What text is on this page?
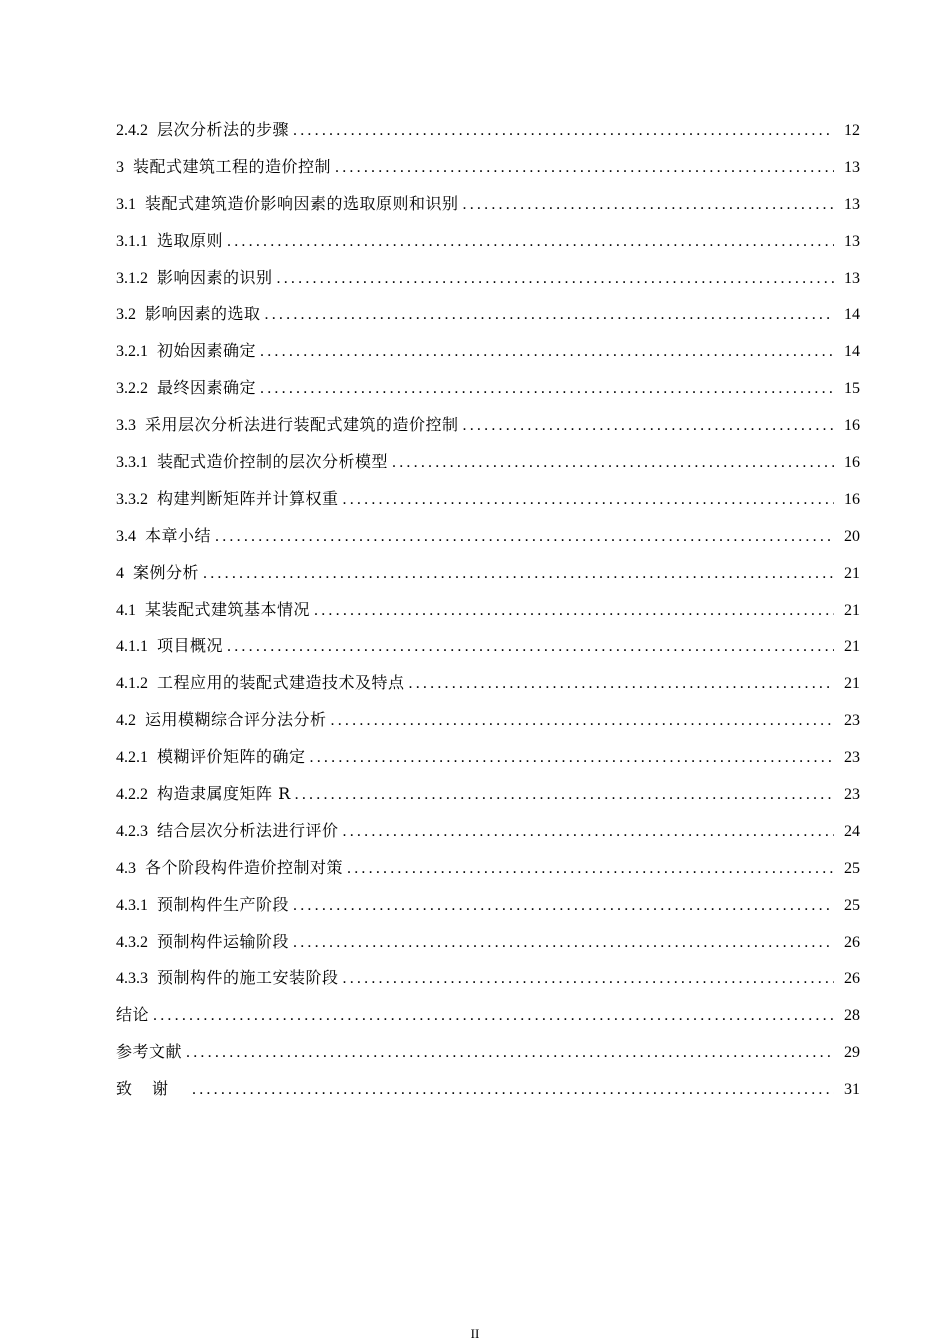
2.4.2 层次分析法的步骤 .....	12
3 装配式建筑工程的造价控制 .....	13
3.1 装配式建筑造价影响因素的选取原则和识别 .....	13
3.1.1 选取原则 .....	13
3.1.2 影响因素的识别 .....	13
3.2 影响因素的选取 .....	14
3.2.1 初始因素确定 .....	14
3.2.2 最终因素确定 .....	15
3.3 采用层次分析法进行装配式建筑的造价控制 .....	16
3.3.1 装配式造价控制的层次分析模型 .....	16
3.3.2 构建判断矩阵并计算权重 .....	16
3.4 本章小结 .....	20
4 案例分析 .....	21
4.1 某装配式建筑基本情况 .....	21
4.1.1 项目概况 .....	21
4.1.2 工程应用的装配式建造技术及特点 .....	21
4.2 运用模糊综合评分法分析 .....	23
4.2.1 模糊评价矩阵的确定 .....	23
4.2.2 构造隶属度矩阵 R .....	23
4.2.3 结合层次分析法进行评价 .....	24
4.3 各个阶段构件造价控制对策 .....	25
4.3.1 预制构件生产阶段 .....	25
4.3.2 预制构件运输阶段 .....	26
4.3.3 预制构件的施工安装阶段 .....	26
结论 .....	28
参考文献 .....	29
致谢 .....	31
II
